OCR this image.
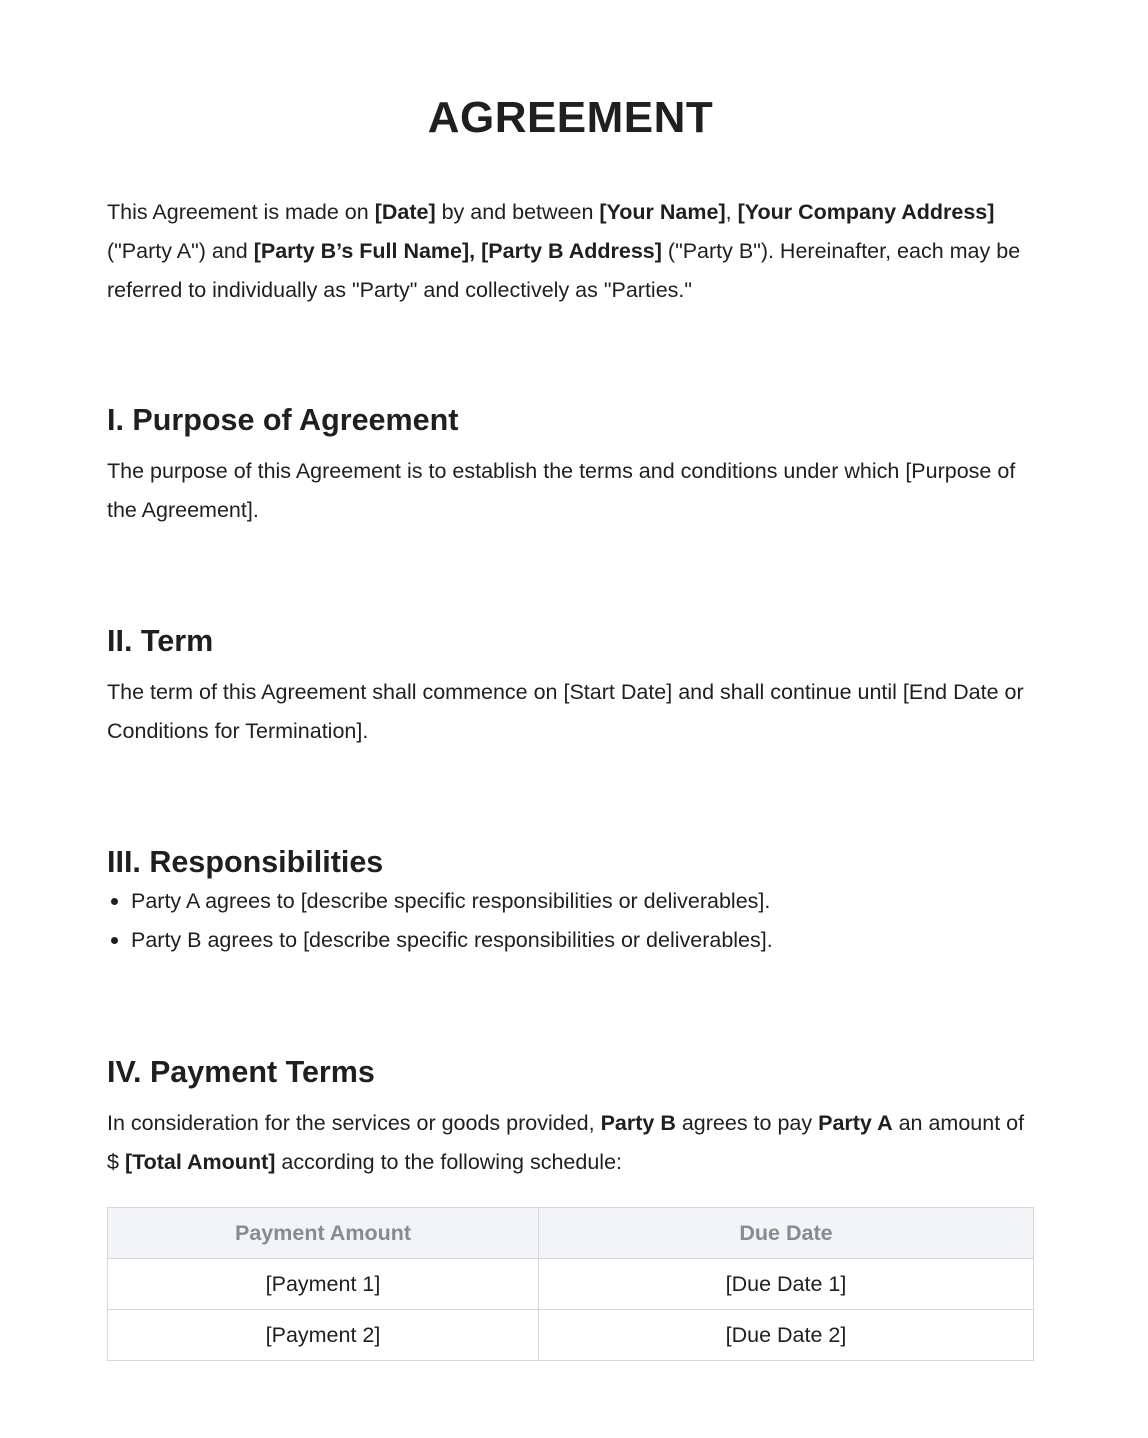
AGREEMENT

This Agreement is made on [Date] by and between [Your Name], [Your Company Address] ("Party A") and [Party B’s Full Name], [Party B Address] ("Party B"). Hereinafter, each may be referred to individually as "Party" and collectively as "Parties."

I. Purpose of Agreement

The purpose of this Agreement is to establish the terms and conditions under which [Purpose of the Agreement].

II. Term

The term of this Agreement shall commence on [Start Date] and shall continue until [End Date or Conditions for Termination].

III. Responsibilities
Party A agrees to [describe specific responsibilities or deliverables].
Party B agrees to [describe specific responsibilities or deliverables].
IV. Payment Terms

In consideration for the services or goods provided, Party B agrees to pay Party A an amount of $ [Total Amount] according to the following schedule:

Payment Amount	Due Date
[Payment 1]	[Due Date 1]
[Payment 2]	[Due Date 2]
